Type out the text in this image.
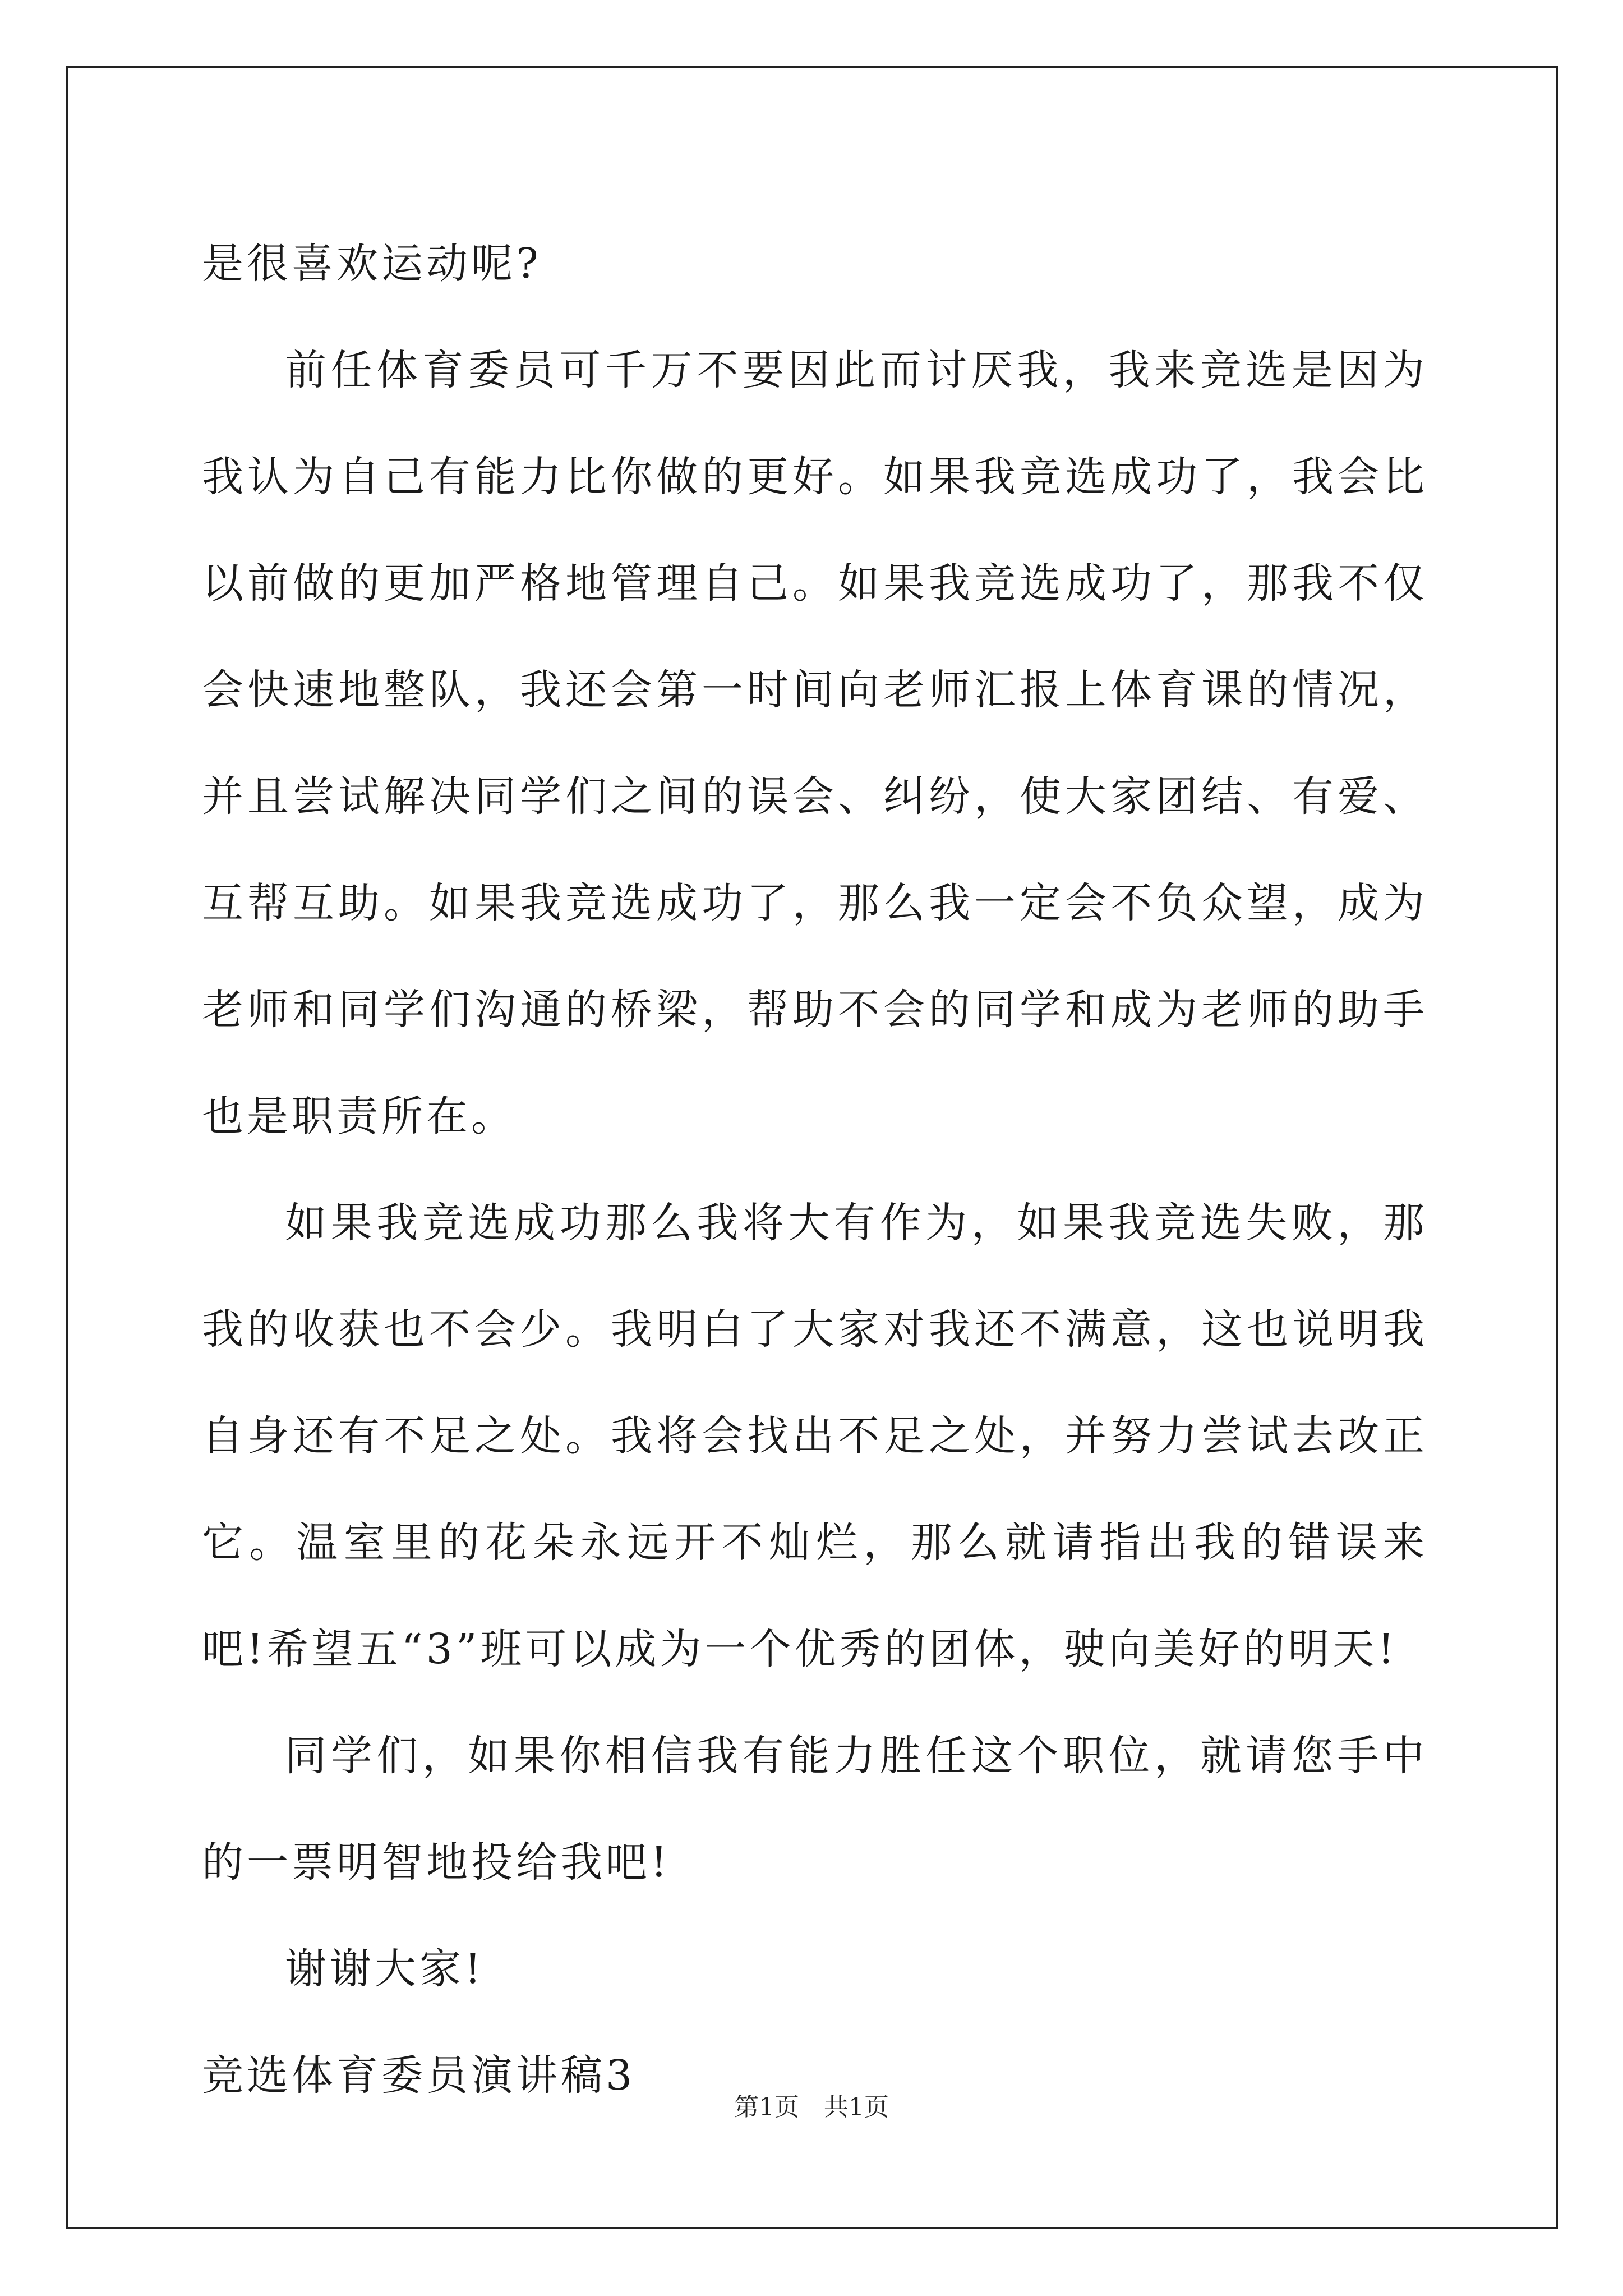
是很喜欢运动呢?

前任体育委员可千万不要因此而讨厌我，我来竞选是因为我认为自己有能力比你做的更好。如果我竞选成功了，我会比以前做的更加严格地管理自己。如果我竞选成功了，那我不仅会快速地整队，我还会第一时间向老师汇报上体育课的情况，并且尝试解决同学们之间的误会、纠纷，使大家团结、有爱、互帮互助。如果我竞选成功了，那么我一定会不负众望，成为老师和同学们沟通的桥梁，帮助不会的同学和成为老师的助手也是职责所在。

如果我竞选成功那么我将大有作为，如果我竞选失败，那我的收获也不会少。我明白了大家对我还不满意，这也说明我自身还有不足之处。我将会找出不足之处，并努力尝试去改正它。温室里的花朵永远开不灿烂，那么就请指出我的错误来吧!希望五“3”班可以成为一个优秀的团体，驶向美好的明天!

同学们，如果你相信我有能力胜任这个职位，就请您手中的一票明智地投给我吧!

谢谢大家!

竞选体育委员演讲稿3

第1页　共1页
